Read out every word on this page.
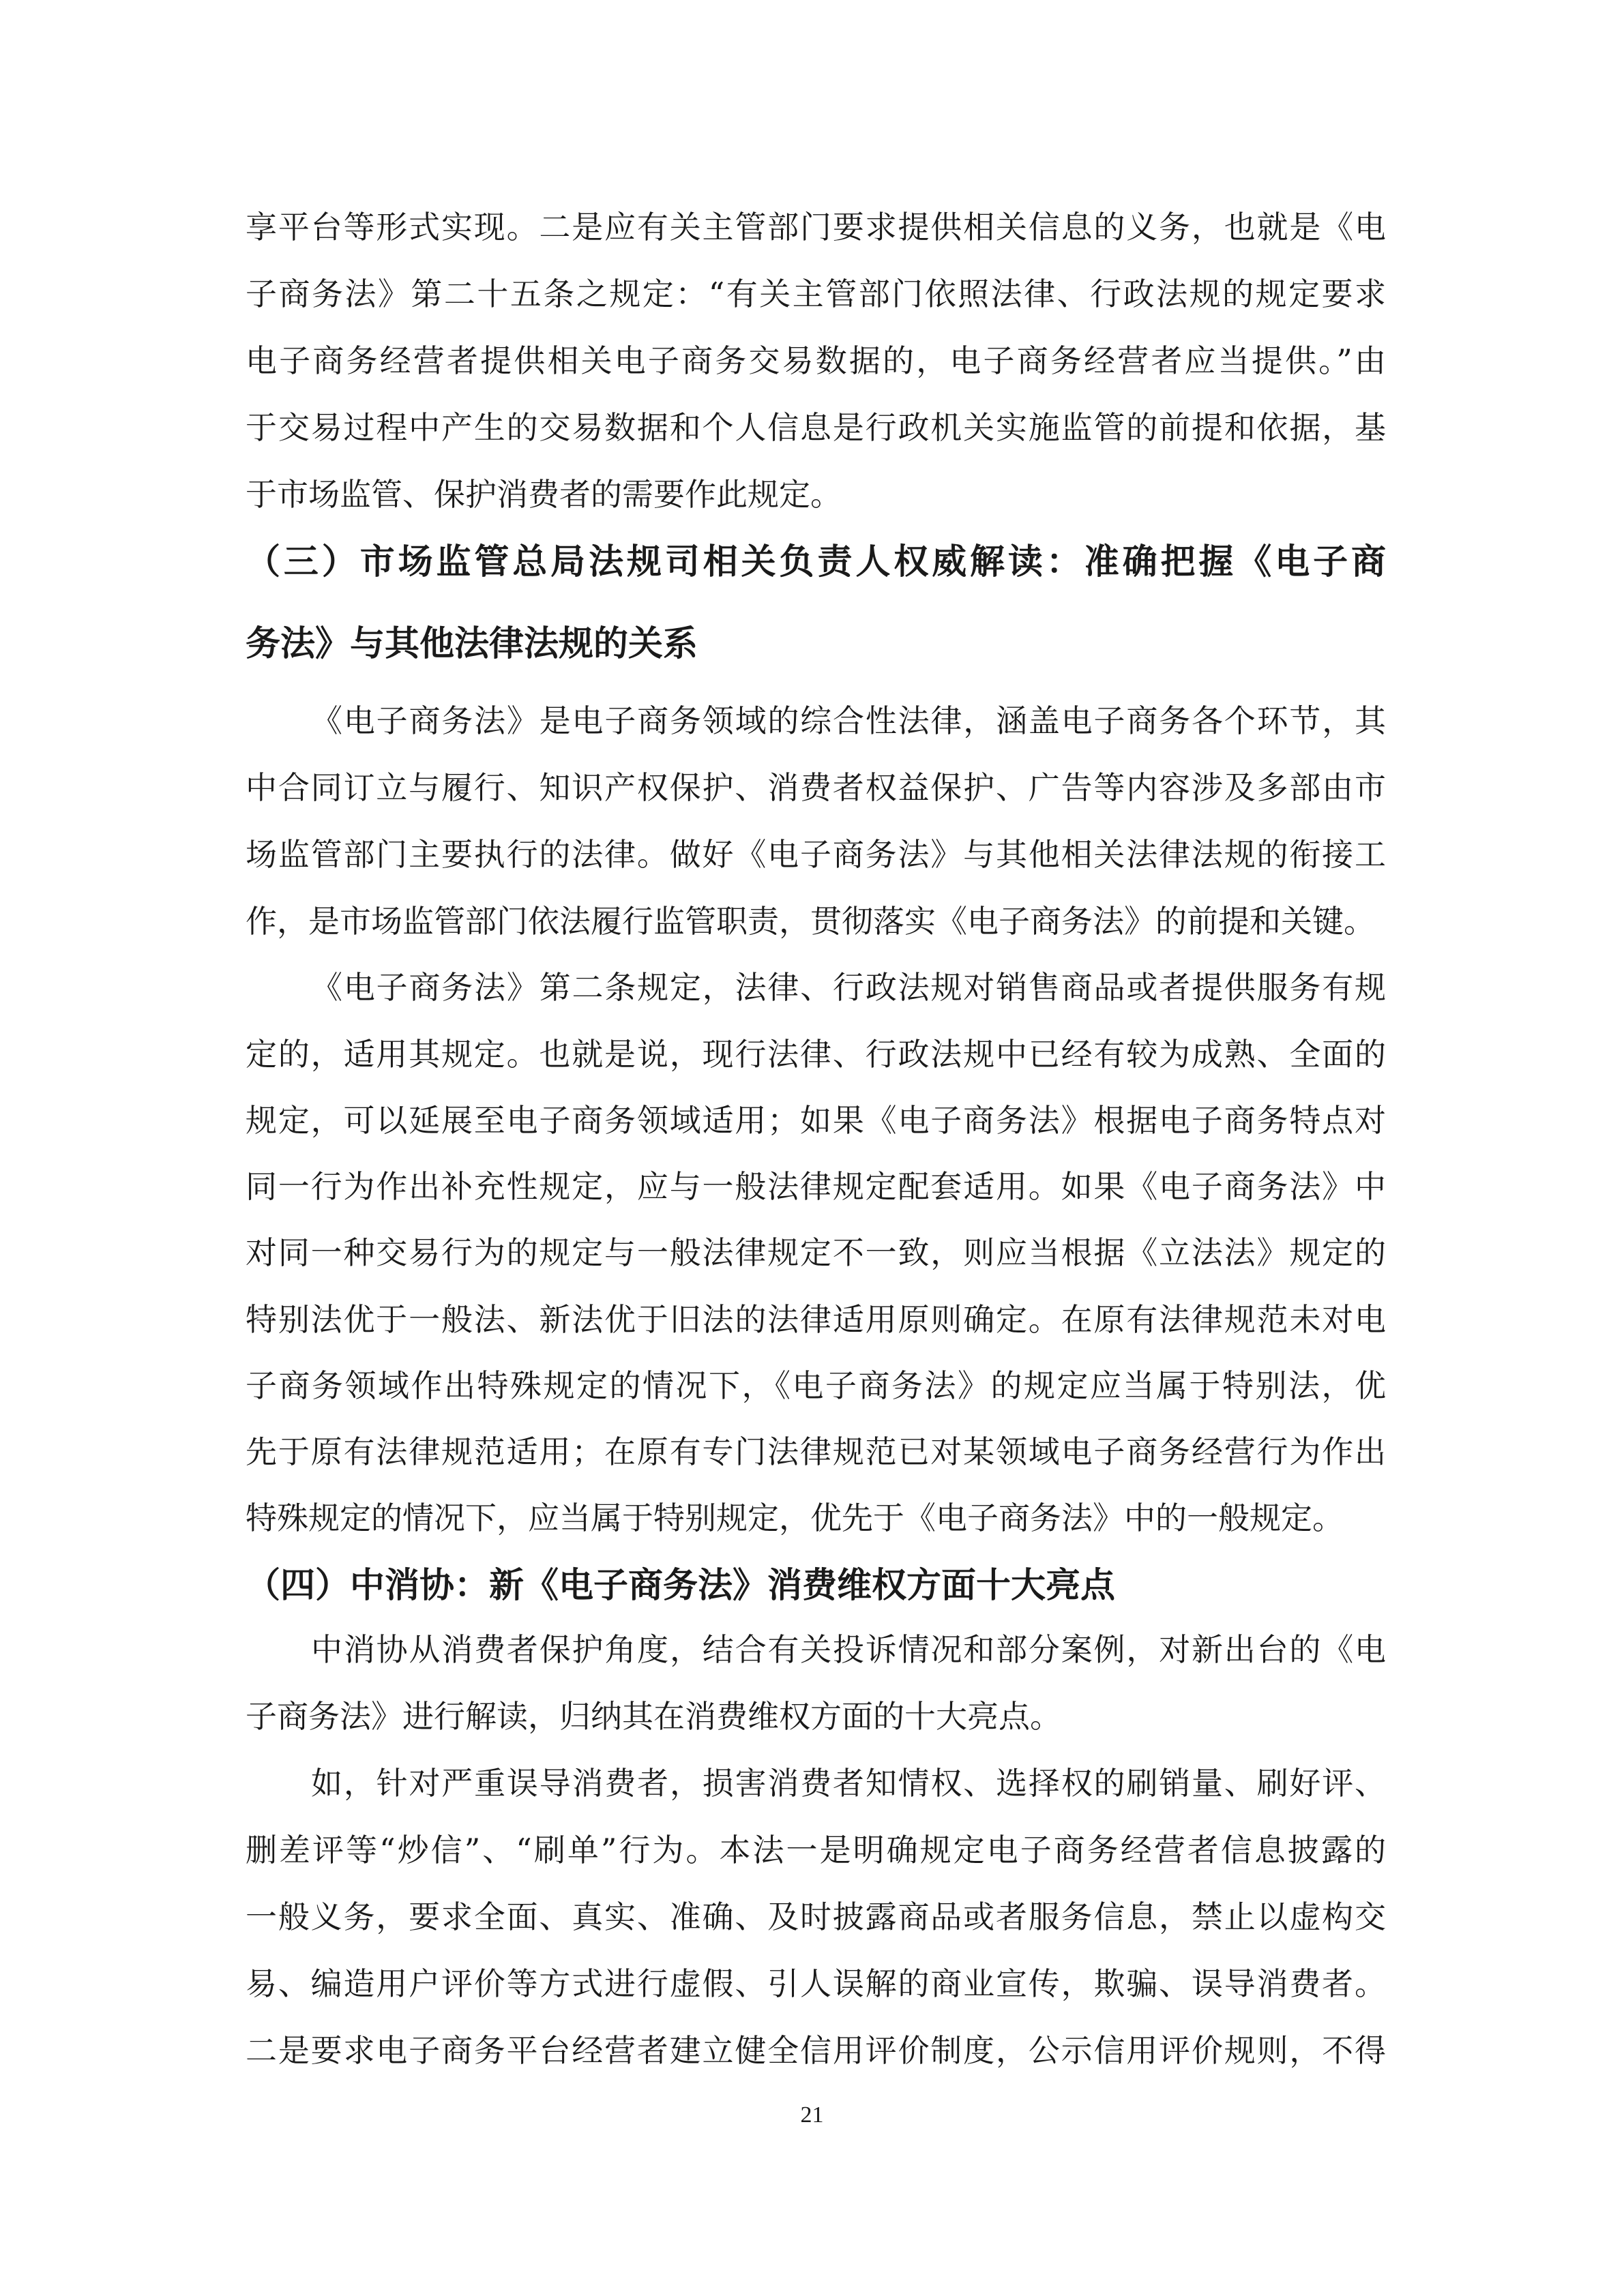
享平台等形式实现。二是应有关主管部门要求提供相关信息的义务，也就是《电
子商务法》第二十五条之规定：“有关主管部门依照法律、行政法规的规定要求
电子商务经营者提供相关电子商务交易数据的，电子商务经营者应当提供。”由
于交易过程中产生的交易数据和个人信息是行政机关实施监管的前提和依据，基
于市场监管、保护消费者的需要作此规定。
（三）市场监管总局法规司相关负责人权威解读：准确把握《电子商
务法》与其他法律法规的关系
《电子商务法》是电子商务领域的综合性法律，涵盖电子商务各个环节，其
中合同订立与履行、知识产权保护、消费者权益保护、广告等内容涉及多部由市
场监管部门主要执行的法律。做好《电子商务法》与其他相关法律法规的衔接工
作，是市场监管部门依法履行监管职责，贯彻落实《电子商务法》的前提和关键。
《电子商务法》第二条规定，法律、行政法规对销售商品或者提供服务有规
定的，适用其规定。也就是说，现行法律、行政法规中已经有较为成熟、全面的
规定，可以延展至电子商务领域适用；如果《电子商务法》根据电子商务特点对
同一行为作出补充性规定，应与一般法律规定配套适用。如果《电子商务法》中
对同一种交易行为的规定与一般法律规定不一致，则应当根据《立法法》规定的
特别法优于一般法、新法优于旧法的法律适用原则确定。在原有法律规范未对电
子商务领域作出特殊规定的情况下，《电子商务法》的规定应当属于特别法，优
先于原有法律规范适用；在原有专门法律规范已对某领域电子商务经营行为作出
特殊规定的情况下，应当属于特别规定，优先于《电子商务法》中的一般规定。
（四）中消协：新《电子商务法》消费维权方面十大亮点
中消协从消费者保护角度，结合有关投诉情况和部分案例，对新出台的《电
子商务法》进行解读，归纳其在消费维权方面的十大亮点。
如，针对严重误导消费者，损害消费者知情权、选择权的刷销量、刷好评、
删差评等“炒信”、“刷单”行为。本法一是明确规定电子商务经营者信息披露的
一般义务，要求全面、真实、准确、及时披露商品或者服务信息，禁止以虚构交
易、编造用户评价等方式进行虚假、引人误解的商业宣传，欺骗、误导消费者。
二是要求电子商务平台经营者建立健全信用评价制度，公示信用评价规则，不得
21
